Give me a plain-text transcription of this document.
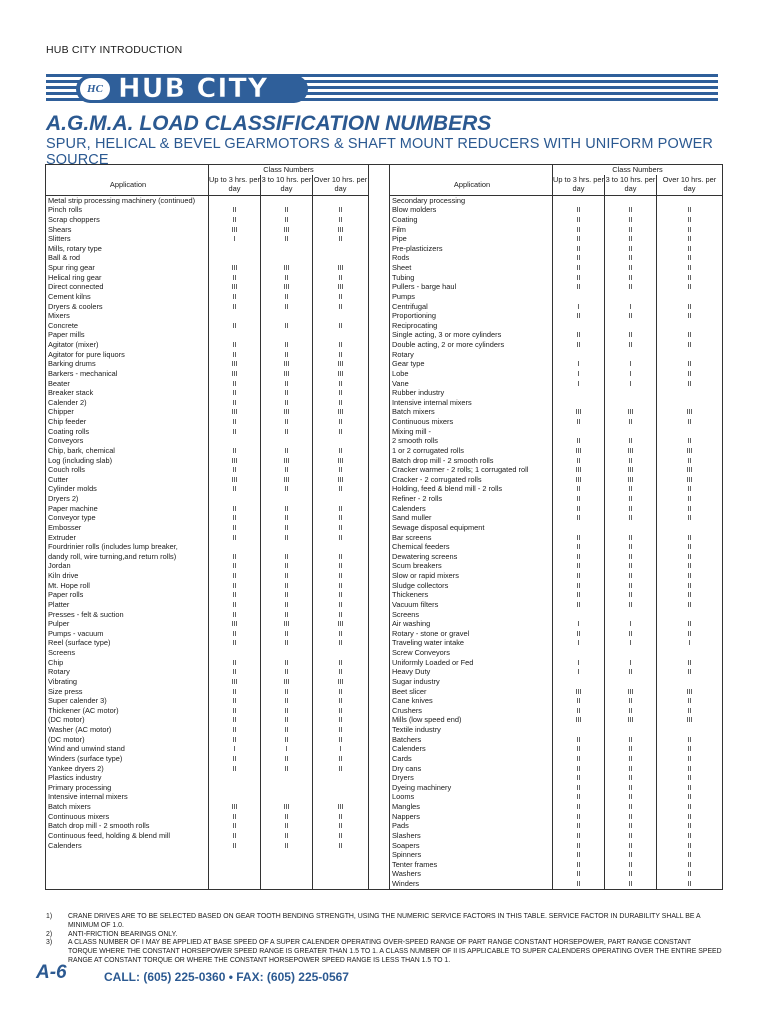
HUB CITY INTRODUCTION
HC HUB CITY
A.G.M.A. LOAD CLASSIFICATION NUMBERS
SPUR, HELICAL & BEVEL GEARMOTORS & SHAFT MOUNT REDUCERS WITH UNIFORM POWER SOURCE
	Class Numbers					Class Numbers		
Application	Up to 3 hrs. per day	3 to 10 hrs. per day	Over 10 hrs. per day		Application	Up to 3 hrs. per day	3 to 10 hrs. per day	Over 10 hrs. per day
Metal strip processing machinery (continued)					Secondary processing			
Pinch rolls	II	II	II		Blow molders	II	II	II
Scrap choppers	II	II	II		Coating	II	II	II
Shears	III	III	III		Film	II	II	II
Slitters	I	II	II		Pipe	II	II	II
Mills, rotary type					Pre-plasticizers	II	II	II
Ball & rod					Rods	II	II	II
Spur ring gear	III	III	III		Sheet	II	II	II
Helical ring gear	II	II	II		Tubing	II	II	II
Direct connected	III	III	III		Pullers - barge haul	II	II	II
Cement kilns	II	II	II		Pumps			
Dryers & coolers	II	II	II		Centrifugal	I	I	II
Mixers					Proportioning	II	II	II
Concrete	II	II	II		Reciprocating			
Paper mills					Single acting, 3 or more cylinders	II	II	II
Agitator (mixer)	II	II	II		Double acting, 2 or more cylinders	II	II	II
Agitator for pure liquors	II	II	II		Rotary			
Barking drums	III	III	III		Gear type	I	I	II
Barkers - mechanical	III	III	III		Lobe	I	I	II
Beater	II	II	II		Vane	I	I	II
Breaker stack	II	II	II		Rubber industry			
Calender 2)	II	II	II		Intensive internal mixers			
Chipper	III	III	III		Batch mixers	III	III	III
Chip feeder	II	II	II		Continuous mixers	II	II	II
Coating rolls	II	II	II		Mixing mill -			
Conveyors					2 smooth rolls	II	II	II
Chip, bark, chemical	II	II	II		1 or 2 corrugated rolls	III	III	III
Log (including slab)	III	III	III		Batch drop mill - 2 smooth rolls	II	II	II
Couch rolls	II	II	II		Cracker warmer - 2 rolls; 1 corrugated roll	III	III	III
Cutter	III	III	III		Cracker - 2 corrugated rolls	III	III	III
Cylinder molds	II	II	II		Holding, feed & blend mill - 2 rolls	II	II	II
Dryers 2)					Refiner - 2 rolls	II	II	II
Paper machine	II	II	II		Calenders	II	II	II
Conveyor type	II	II	II		Sand muller	II	II	II
Embosser	II	II	II		Sewage disposal equipment			
Extruder	II	II	II		Bar screens	II	II	II
Fourdrinier rolls (includes lump breaker,					Chemical feeders	II	II	II
dandy roll, wire turning,and return rolls)	II	II	II		Dewatering screens	II	II	II
Jordan	II	II	II		Scum breakers	II	II	II
Kiln drive	II	II	II		Slow or rapid mixers	II	II	II
Mt. Hope roll	II	II	II		Sludge collectors	II	II	II
Paper rolls	II	II	II		Thickeners	II	II	II
Platter	II	II	II		Vacuum filters	II	II	II
Presses - felt & suction	II	II	II		Screens			
Pulper	III	III	III		Air washing	I	I	II
Pumps - vacuum	II	II	II		Rotary - stone or gravel	II	II	II
Reel (surface type)	II	II	II		Traveling water intake	I	I	I
Screens					Screw Conveyors			
Chip	II	II	II		Uniformly Loaded or Fed	I	I	II
Rotary	II	II	II		Heavy Duty	I	II	II
Vibrating	III	III	III		Sugar industry			
Size press	II	II	II		Beet slicer	III	III	III
Super calender 3)	II	II	II		Cane knives	II	II	II
Thickener (AC motor)	II	II	II		Crushers	II	II	II
(DC motor)	II	II	II		Mills (low speed end)	III	III	III
Washer (AC motor)	II	II	II		Textile industry			
(DC motor)	II	II	II		Batchers	II	II	II
Wind and unwind stand	I	I	I		Calenders	II	II	II
Winders (surface type)	II	II	II		Cards	II	II	II
Yankee dryers 2)	II	II	II		Dry cans	II	II	II
Plastics industry					Dryers	II	II	II
Primary processing					Dyeing machinery	II	II	II
Intensive internal mixers					Looms	II	II	II
Batch mixers	III	III	III		Mangles	II	II	II
Continuous mixers	II	II	II		Nappers	II	II	II
Batch drop mill - 2 smooth rolls	II	II	II		Pads	II	II	II
Continuous feed, holding & blend mill	II	II	II		Slashers	II	II	II
Calenders	II	II	II		Soapers	II	II	II
					Spinners	II	II	II
					Tenter frames	II	II	II
					Washers	II	II	II
					Winders	II	II	II

1)	CRANE DRIVES ARE TO BE SELECTED BASED ON GEAR TOOTH BENDING STRENGTH, USING THE NUMERIC SERVICE FACTORS IN THIS TABLE. SERVICE FACTOR IN DURABILITY SHALL BE A MINIMUM OF 1.0.
2)	ANTI-FRICTION BEARINGS ONLY.
3)	A CLASS NUMBER OF I MAY BE APPLIED AT BASE SPEED OF A SUPER CALENDER OPERATING OVER-SPEED RANGE OF PART RANGE CONSTANT HORSEPOWER, PART RANGE CONSTANT TORQUE WHERE THE CONSTANT HORSEPOWER SPEED RANGE IS GREATER THAN 1.5 TO 1. A CLASS NUMBER OF II IS APPLICABLE TO SUPER CALENDERS OPERATING OVER THE ENTIRE SPEED RANGE AT CONSTANT TORQUE OR WHERE THE CONSTANT HORSEPOWER SPEED RANGE IS LESS THAN 1.5 TO 1.
A-6	CALL: (605) 225-0360 • FAX: (605) 225-0567
